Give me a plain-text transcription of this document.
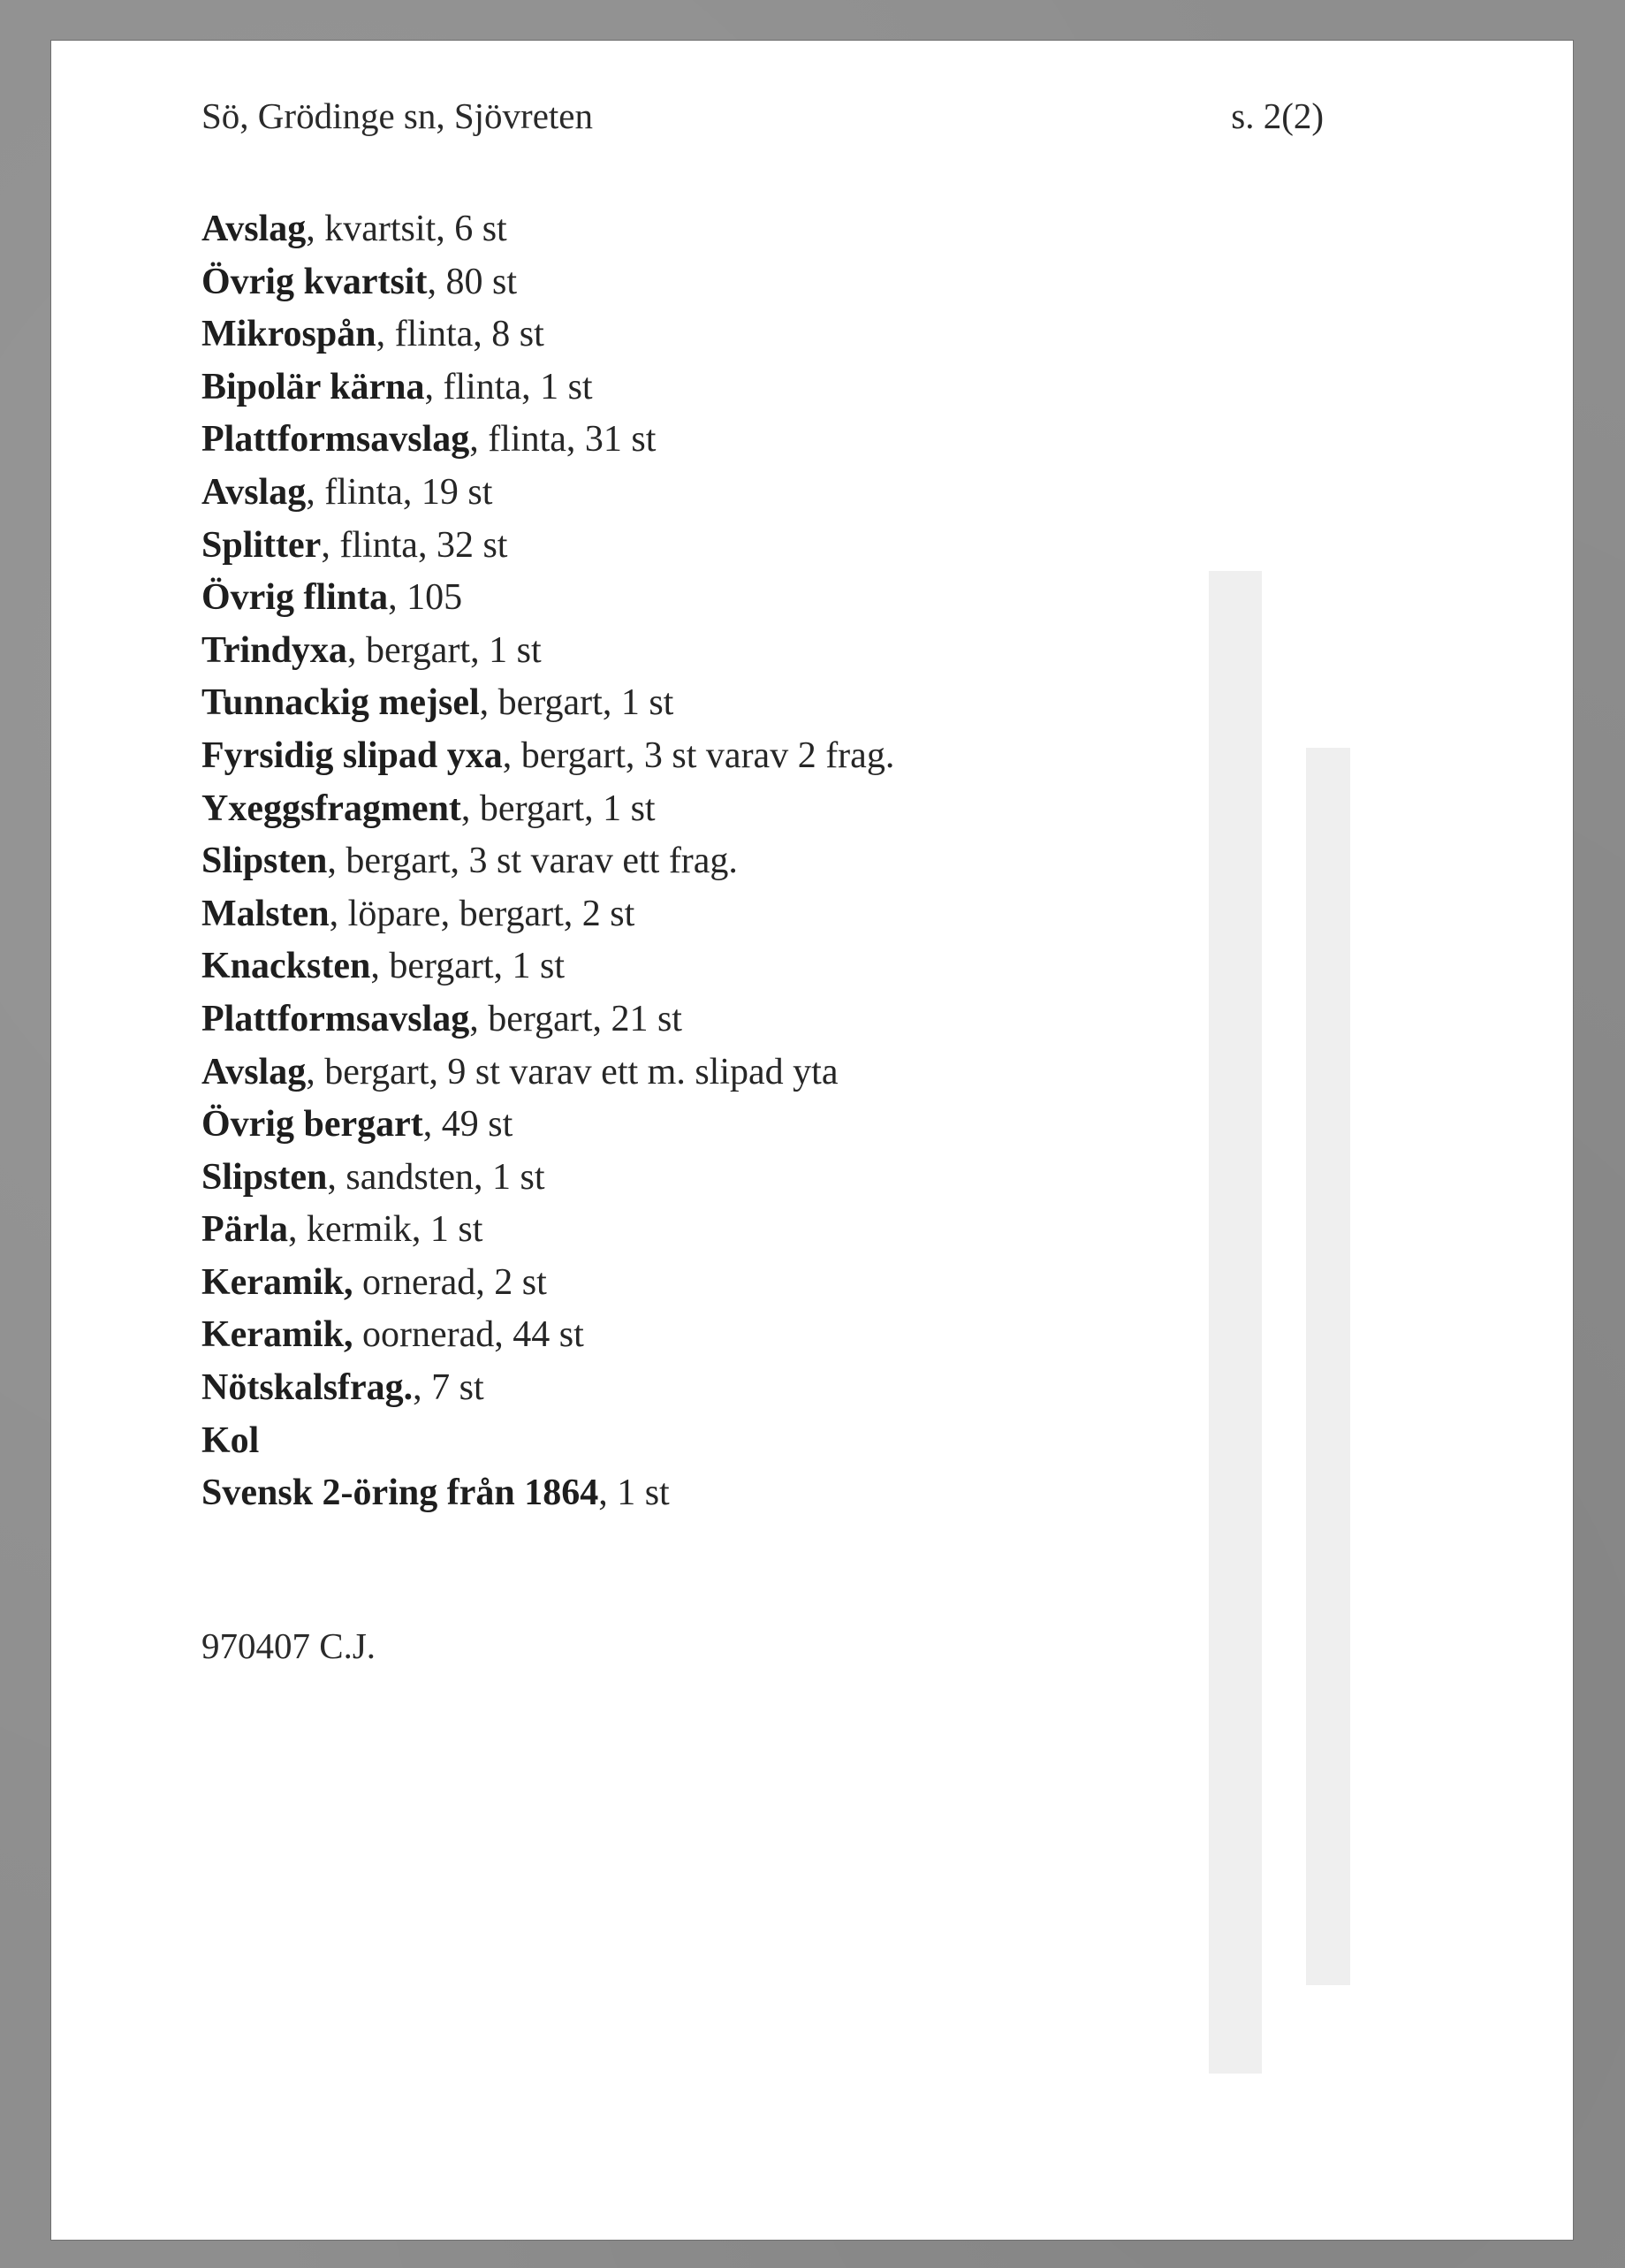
Sö, Grödinge sn, Sjövreten	s. 2(2)
Avslag, kvartsit, 6 st
Övrig kvartsit, 80 st
Mikrospån, flinta, 8 st
Bipolär kärna, flinta, 1 st
Plattformsavslag, flinta, 31 st
Avslag, flinta, 19 st
Splitter, flinta, 32 st
Övrig flinta, 105
Trindyxa, bergart, 1 st
Tunnackig mejsel, bergart, 1 st
Fyrsidig slipad yxa, bergart, 3 st varav 2 frag.
Yxeggsfragment, bergart, 1 st
Slipsten, bergart, 3 st varav ett frag.
Malsten, löpare, bergart, 2 st
Knacksten, bergart, 1 st
Plattformsavslag, bergart, 21 st
Avslag, bergart, 9 st varav ett m. slipad yta
Övrig bergart, 49 st
Slipsten, sandsten, 1 st
Pärla, kermik, 1 st
Keramik, ornerad, 2 st
Keramik, oornerad, 44 st
Nötskalsfrag., 7 st
Kol
Svensk 2-öring från 1864, 1 st
970407 C.J.
